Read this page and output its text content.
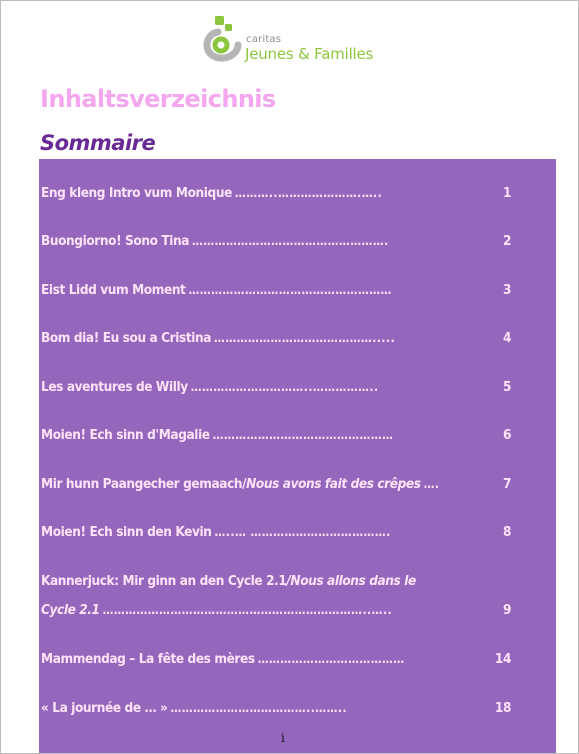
caritas
Jeunes & Familles
Inhaltsverzeichnis
Sommaire
Eng kleng Intro vum Monique ………..………………….…..	1
Buongiorno! Sono Tina …………………………………………….	2
Eist Lidd vum Moment ………………………………………………	3
Bom dia! Eu sou a Cristina …………………………………….....	4
Les aventures de Willy …………………………..……………..	5
Moien! Ech sinn d'Magalie …………………………………………	6
Mir hunn Paangecher gemaach/Nous avons fait des crêpes ….	7
Moien! Ech sinn den Kevin …..… ……………………………….	8
Kannerjuck: Mir ginn an den Cycle 2.1/Nous allons dans le
Cycle 2.1 ……………………………………………………………..…..	9
Mammendag – La fête des mères …………………………………	14
« La journée de … » ………………………………..……..	18
i
